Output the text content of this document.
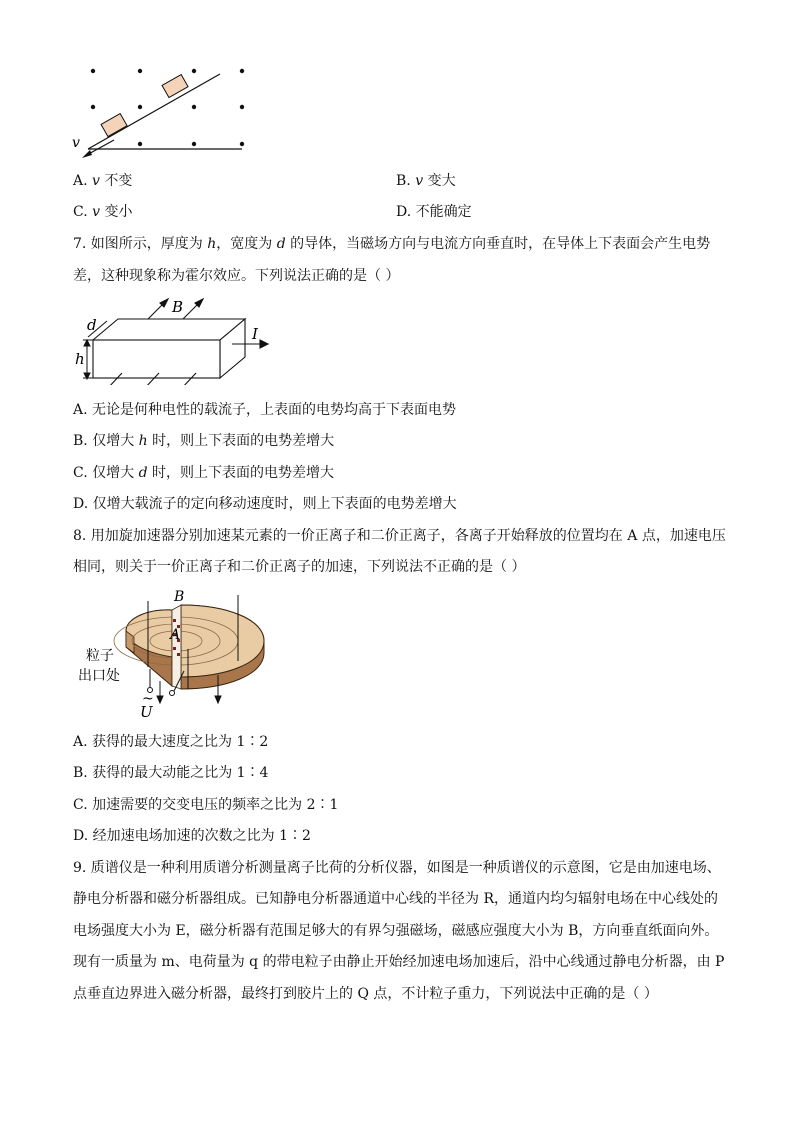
v
A. v 不变	B. v 变大
C. v 变小	D. 不能确定
7. 如图所示，厚度为 h，宽度为 d 的导体，当磁场方向与电流方向垂直时，在导体上下表面会产生电势
差，这种现象称为霍尔效应。下列说法正确的是（ ）
B
I
d
h
A. 无论是何种电性的载流子，上表面的电势均高于下表面电势
B. 仅增大 h 时，则上下表面的电势差增大
C. 仅增大 d 时，则上下表面的电势差增大
D. 仅增大载流子的定向移动速度时，则上下表面的电势差增大
8. 用加旋加速器分别加速某元素的一价正离子和二价正离子，各离子开始释放的位置均在 A 点，加速电压
相同，则关于一价正离子和二价正离子的加速，下列说法不正确的是（ ）
B
A
~
U
粒子
出口处
A. 获得的最大速度之比为 1∶2
B. 获得的最大动能之比为 1∶4
C. 加速需要的交变电压的频率之比为 2∶1
D. 经加速电场加速的次数之比为 1∶2
9. 质谱仪是一种利用质谱分析测量离子比荷的分析仪器，如图是一种质谱仪的示意图，它是由加速电场、
静电分析器和磁分析器组成。已知静电分析器通道中心线的半径为 R，通道内均匀辐射电场在中心线处的
电场强度大小为 E，磁分析器有范围足够大的有界匀强磁场，磁感应强度大小为 B，方向垂直纸面向外。
现有一质量为 m、电荷量为 q 的带电粒子由静止开始经加速电场加速后，沿中心线通过静电分析器，由 P
点垂直边界进入磁分析器，最终打到胶片上的 Q 点，不计粒子重力，下列说法中正确的是（ ）
